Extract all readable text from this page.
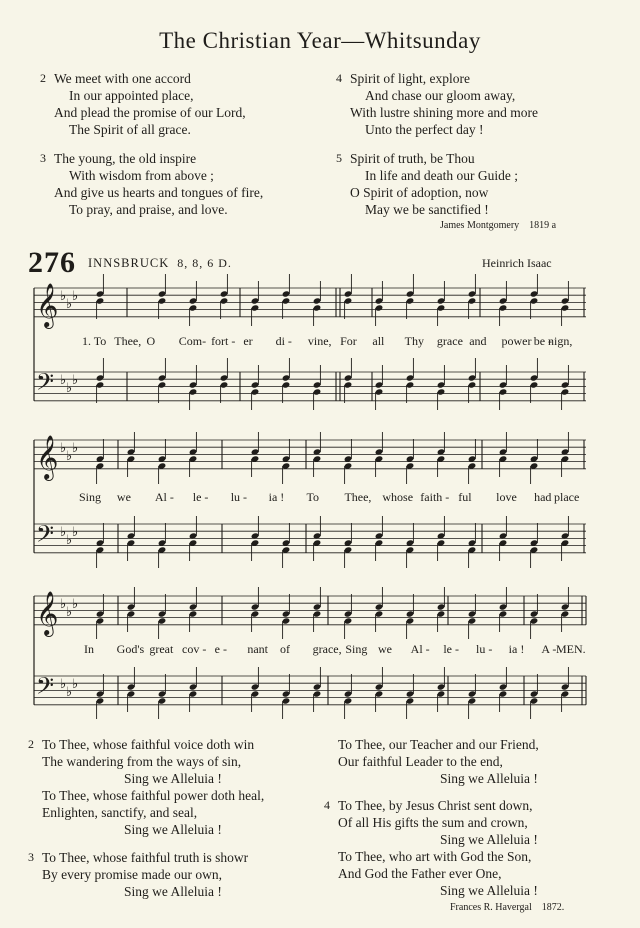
The Christian Year—Whitsunday
2 We meet with one accord
In our appointed place,
And plead the promise of our Lord,
The Spirit of all grace.
3 The young, the old inspire
With wisdom from above ;
And give us hearts and tongues of fire,
To pray, and praise, and love.
4 Spirit of light, explore
And chase our gloom away,
With lustre shining more and more
Unto the perfect day !
5 Spirit of truth, be Thou
In life and death our Guide ;
O Spirit of adoption, now
May we be sanctified !
James Montgomery 1819 a
276 INNSBRUCK 8, 8, 6 D.	Heinrich Isaac
𝄞 ♭
♭
♭
𝄢 ♭
♭
♭
𝄞 ♭
♭
♭
𝄢 ♭
♭
♭
𝄞 ♭
♭
♭
𝄢 ♭
♭
♭
1. To Thee, O Com- fort - er di - vine, For all Thy grace and power be -
nign,
Sing we Al - le - lu - ia ! To Thee, whose faith - ful love had place
In God's great cov - e - nant of grace, Sing we Al - le - lu - ia ! A - MEN.
2 To Thee, whose faithful voice doth win
The wandering from the ways of sin,
Sing we Alleluia !
To Thee, whose faithful power doth heal,
Enlighten, sanctify, and seal,
Sing we Alleluia !
3 To Thee, whose faithful truth is showr
By every promise made our own,
Sing we Alleluia !
To Thee, our Teacher and our Friend,
Our faithful Leader to the end,
Sing we Alleluia !
4 To Thee, by Jesus Christ sent down,
Of all His gifts the sum and crown,
Sing we Alleluia !
To Thee, who art with God the Son,
And God the Father ever One,
Sing we Alleluia !
Frances R. Havergal 1872.
